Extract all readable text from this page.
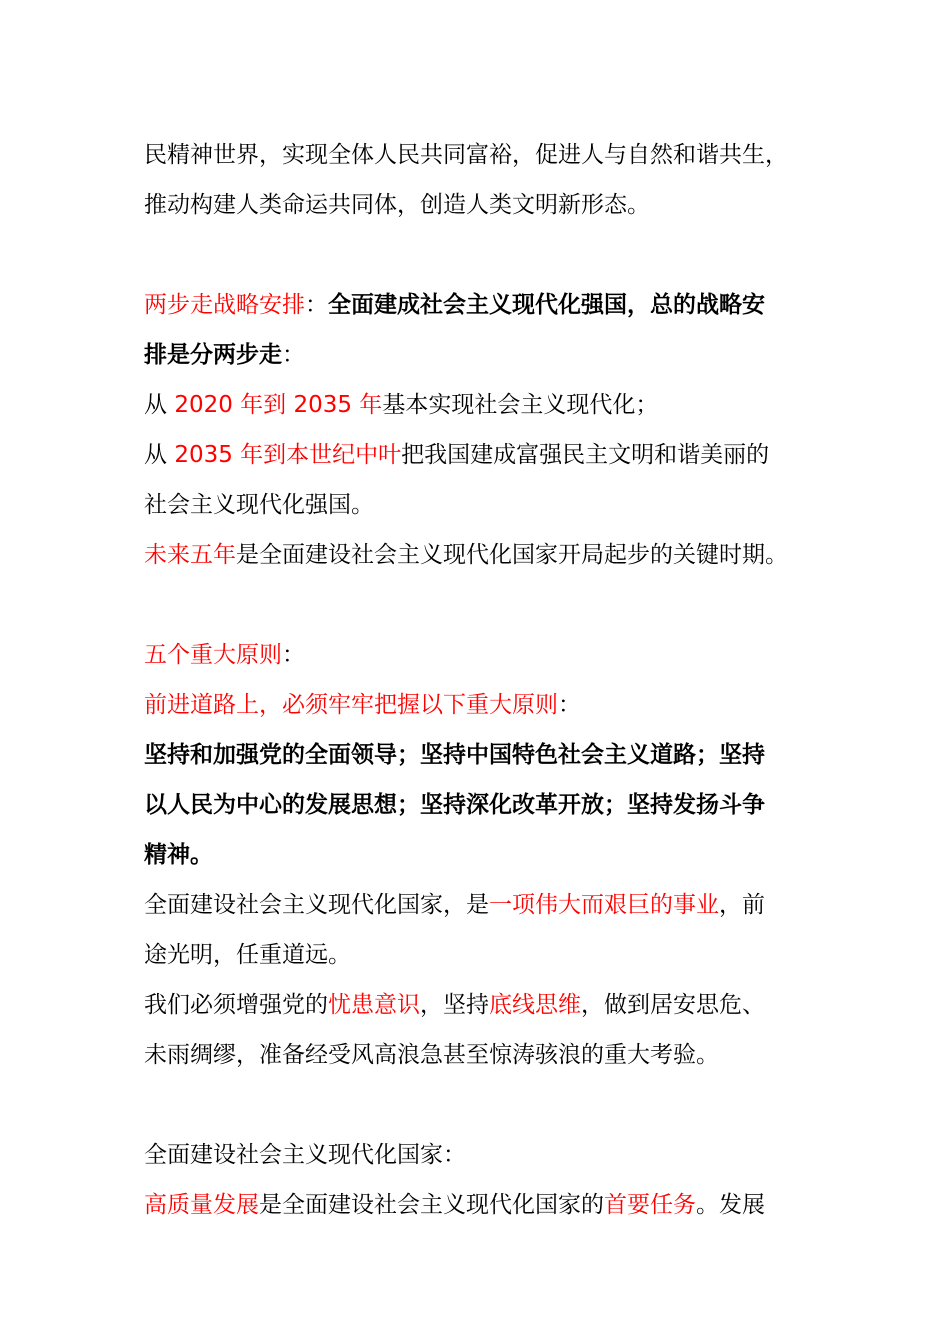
民精神世界，实现全体人民共同富裕，促进人与自然和谐共生，
推动构建人类命运共同体，创造人类文明新形态。
两步走战略安排：全面建成社会主义现代化强国，总的战略安
排是分两步走：
从 2020 年到 2035 年基本实现社会主义现代化；
从 2035 年到本世纪中叶把我国建成富强民主文明和谐美丽的
社会主义现代化强国。
未来五年是全面建设社会主义现代化国家开局起步的关键时期。
五个重大原则：
前进道路上，必须牢牢把握以下重大原则：
坚持和加强党的全面领导；坚持中国特色社会主义道路；坚持
以人民为中心的发展思想；坚持深化改革开放；坚持发扬斗争
精神。
全面建设社会主义现代化国家，是一项伟大而艰巨的事业，前
途光明，任重道远。
我们必须增强党的忧患意识，坚持底线思维，做到居安思危、
未雨绸缪，准备经受风高浪急甚至惊涛骇浪的重大考验。
全面建设社会主义现代化国家：
高质量发展是全面建设社会主义现代化国家的首要任务。发展
